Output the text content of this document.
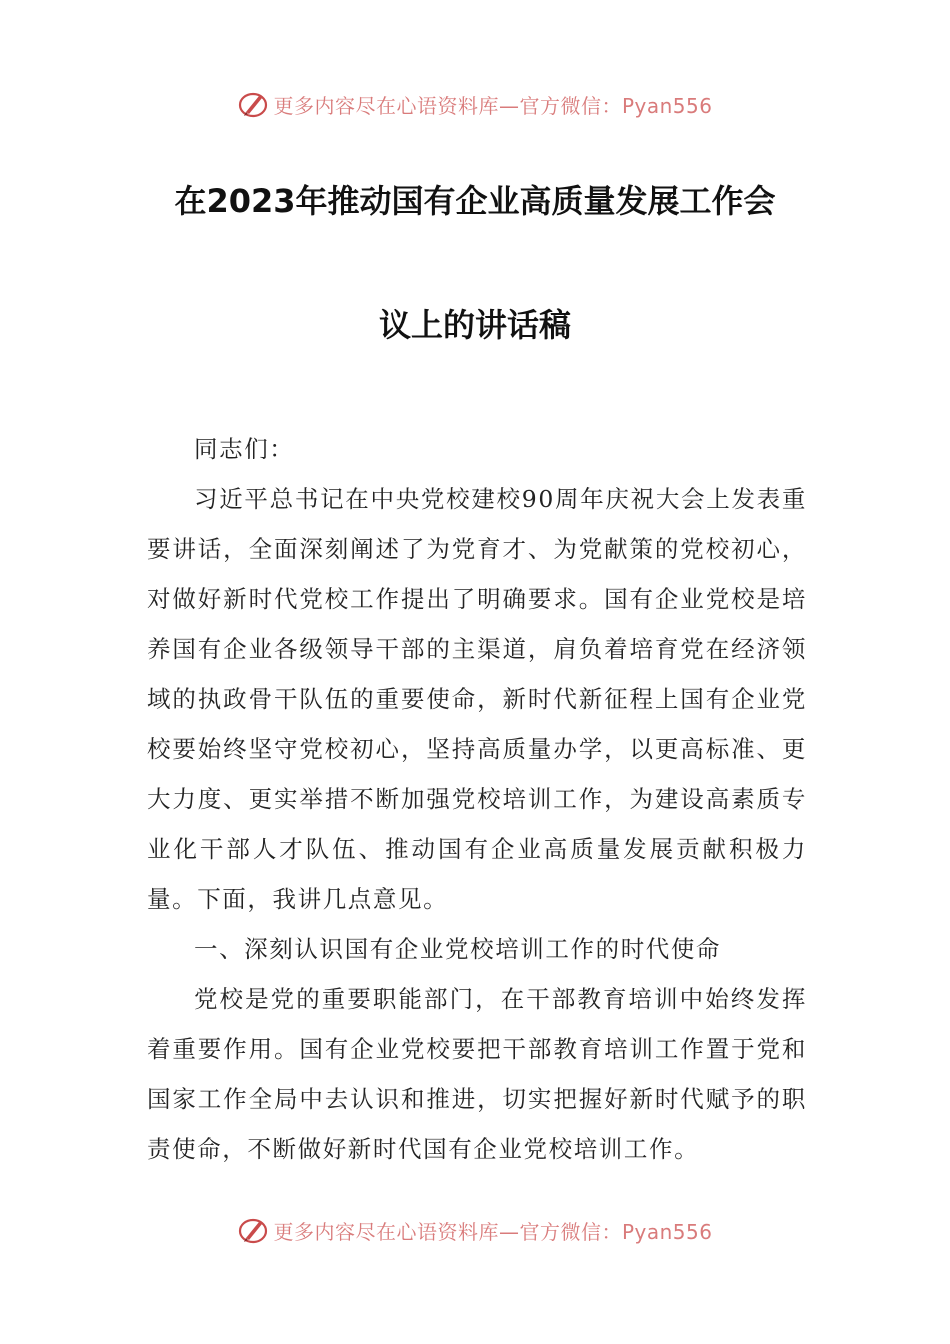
更多内容尽在心语资料库—官方微信：Pyan556
在2023年推动国有企业高质量发展工作会
议上的讲话稿

同志们：

习近平总书记在中央党校建校90周年庆祝大会上发表重要讲话，全面深刻阐述了为党育才、为党献策的党校初心，对做好新时代党校工作提出了明确要求。国有企业党校是培养国有企业各级领导干部的主渠道，肩负着培育党在经济领域的执政骨干队伍的重要使命，新时代新征程上国有企业党校要始终坚守党校初心，坚持高质量办学，以更高标准、更大力度、更实举措不断加强党校培训工作，为建设高素质专业化干部人才队伍、推动国有企业高质量发展贡献积极力量。下面，我讲几点意见。

一、深刻认识国有企业党校培训工作的时代使命

党校是党的重要职能部门，在干部教育培训中始终发挥着重要作用。国有企业党校要把干部教育培训工作置于党和国家工作全局中去认识和推进，切实把握好新时代赋予的职责使命，不断做好新时代国有企业党校培训工作。

更多内容尽在心语资料库—官方微信：Pyan556
